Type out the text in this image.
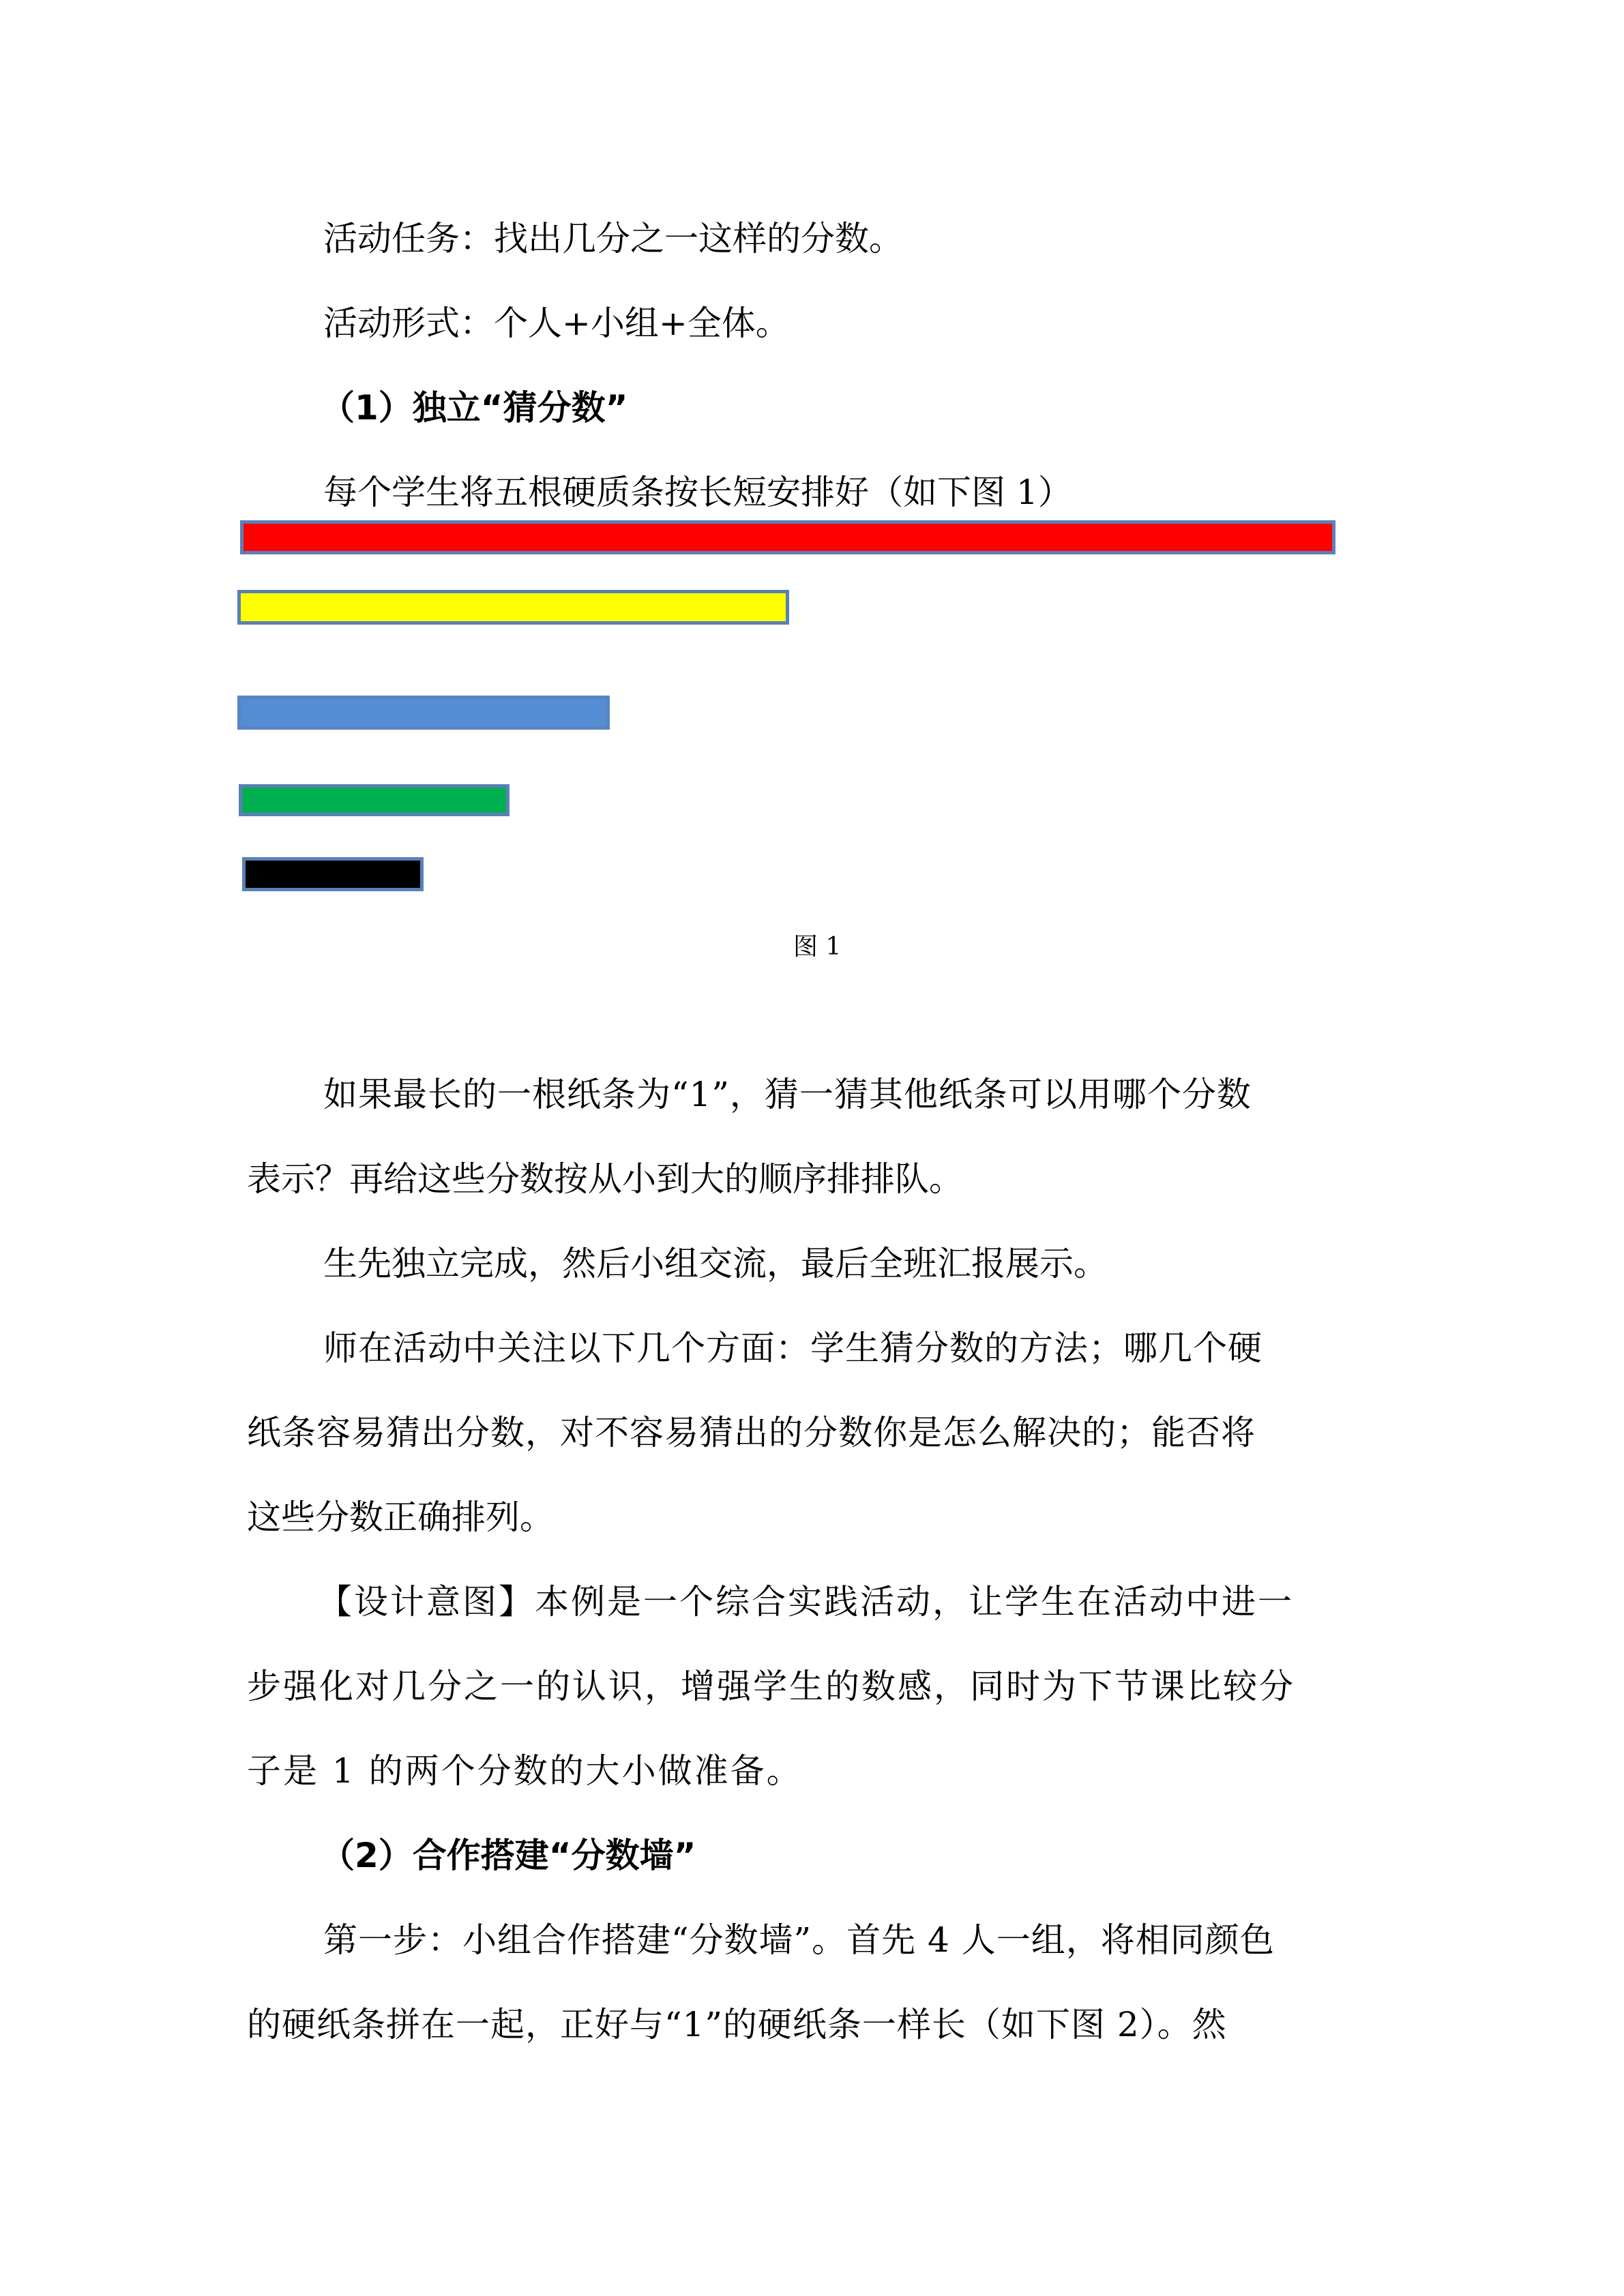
活动任务：找出几分之一这样的分数。
活动形式：个人+小组+全体。
（1）独立“猜分数”
每个学生将五根硬质条按长短安排好（如下图 1）
图 1
如果最长的一根纸条为“1”，猜一猜其他纸条可以用哪个分数
表示？再给这些分数按从小到大的顺序排排队。
生先独立完成，然后小组交流，最后全班汇报展示。
师在活动中关注以下几个方面：学生猜分数的方法；哪几个硬
纸条容易猜出分数，对不容易猜出的分数你是怎么解决的；能否将
这些分数正确排列。
【设计意图】本例是一个综合实践活动，让学生在活动中进一
步强化对几分之一的认识，增强学生的数感，同时为下节课比较分
子是 1 的两个分数的大小做准备。
（2）合作搭建“分数墙”
第一步：小组合作搭建“分数墙”。首先 4 人一组，将相同颜色
的硬纸条拼在一起，正好与“1”的硬纸条一样长（如下图 2）。然
